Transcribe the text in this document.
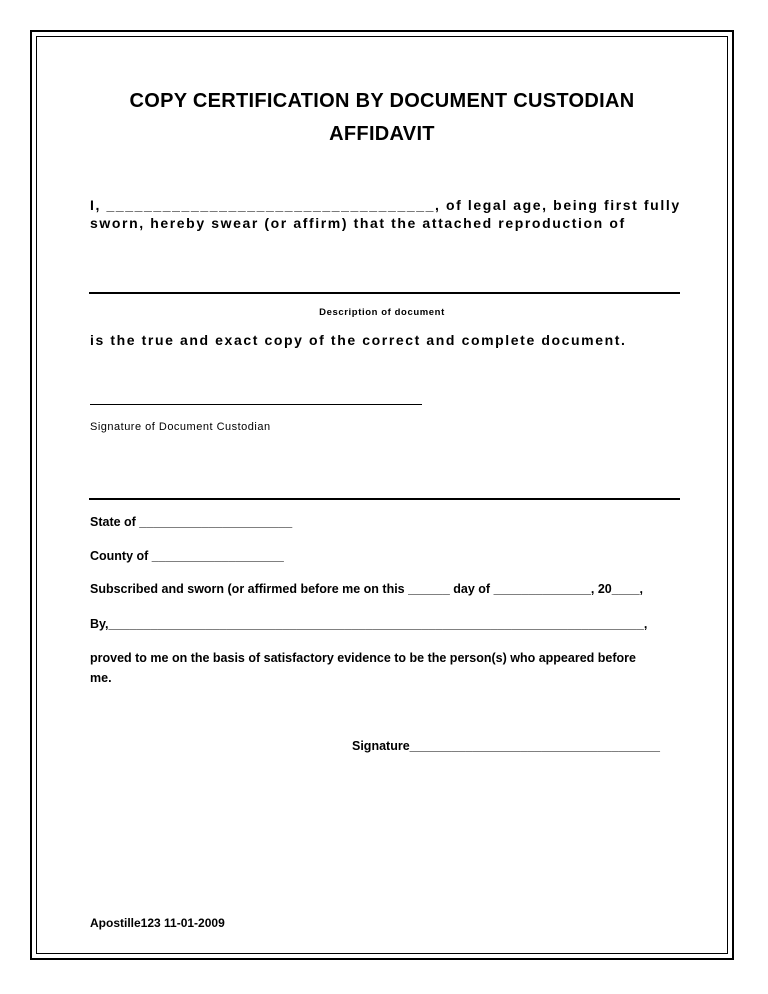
COPY CERTIFICATION BY DOCUMENT CUSTODIAN
AFFIDAVIT
I, ___________________________________, of legal age, being first fully
sworn, hereby swear (or affirm) that the attached reproduction of
Description of document
is the true and exact copy of the correct and complete document.
Signature of Document Custodian
State of ______________________
County of ___________________
Subscribed and sworn (or affirmed before me on this ______ day of ______________, 20____,
By,_____________________________________________________________________________,
proved to me on the basis of satisfactory evidence to be the person(s) who appeared before
me.
Signature____________________________________
Apostille123 11-01-2009
